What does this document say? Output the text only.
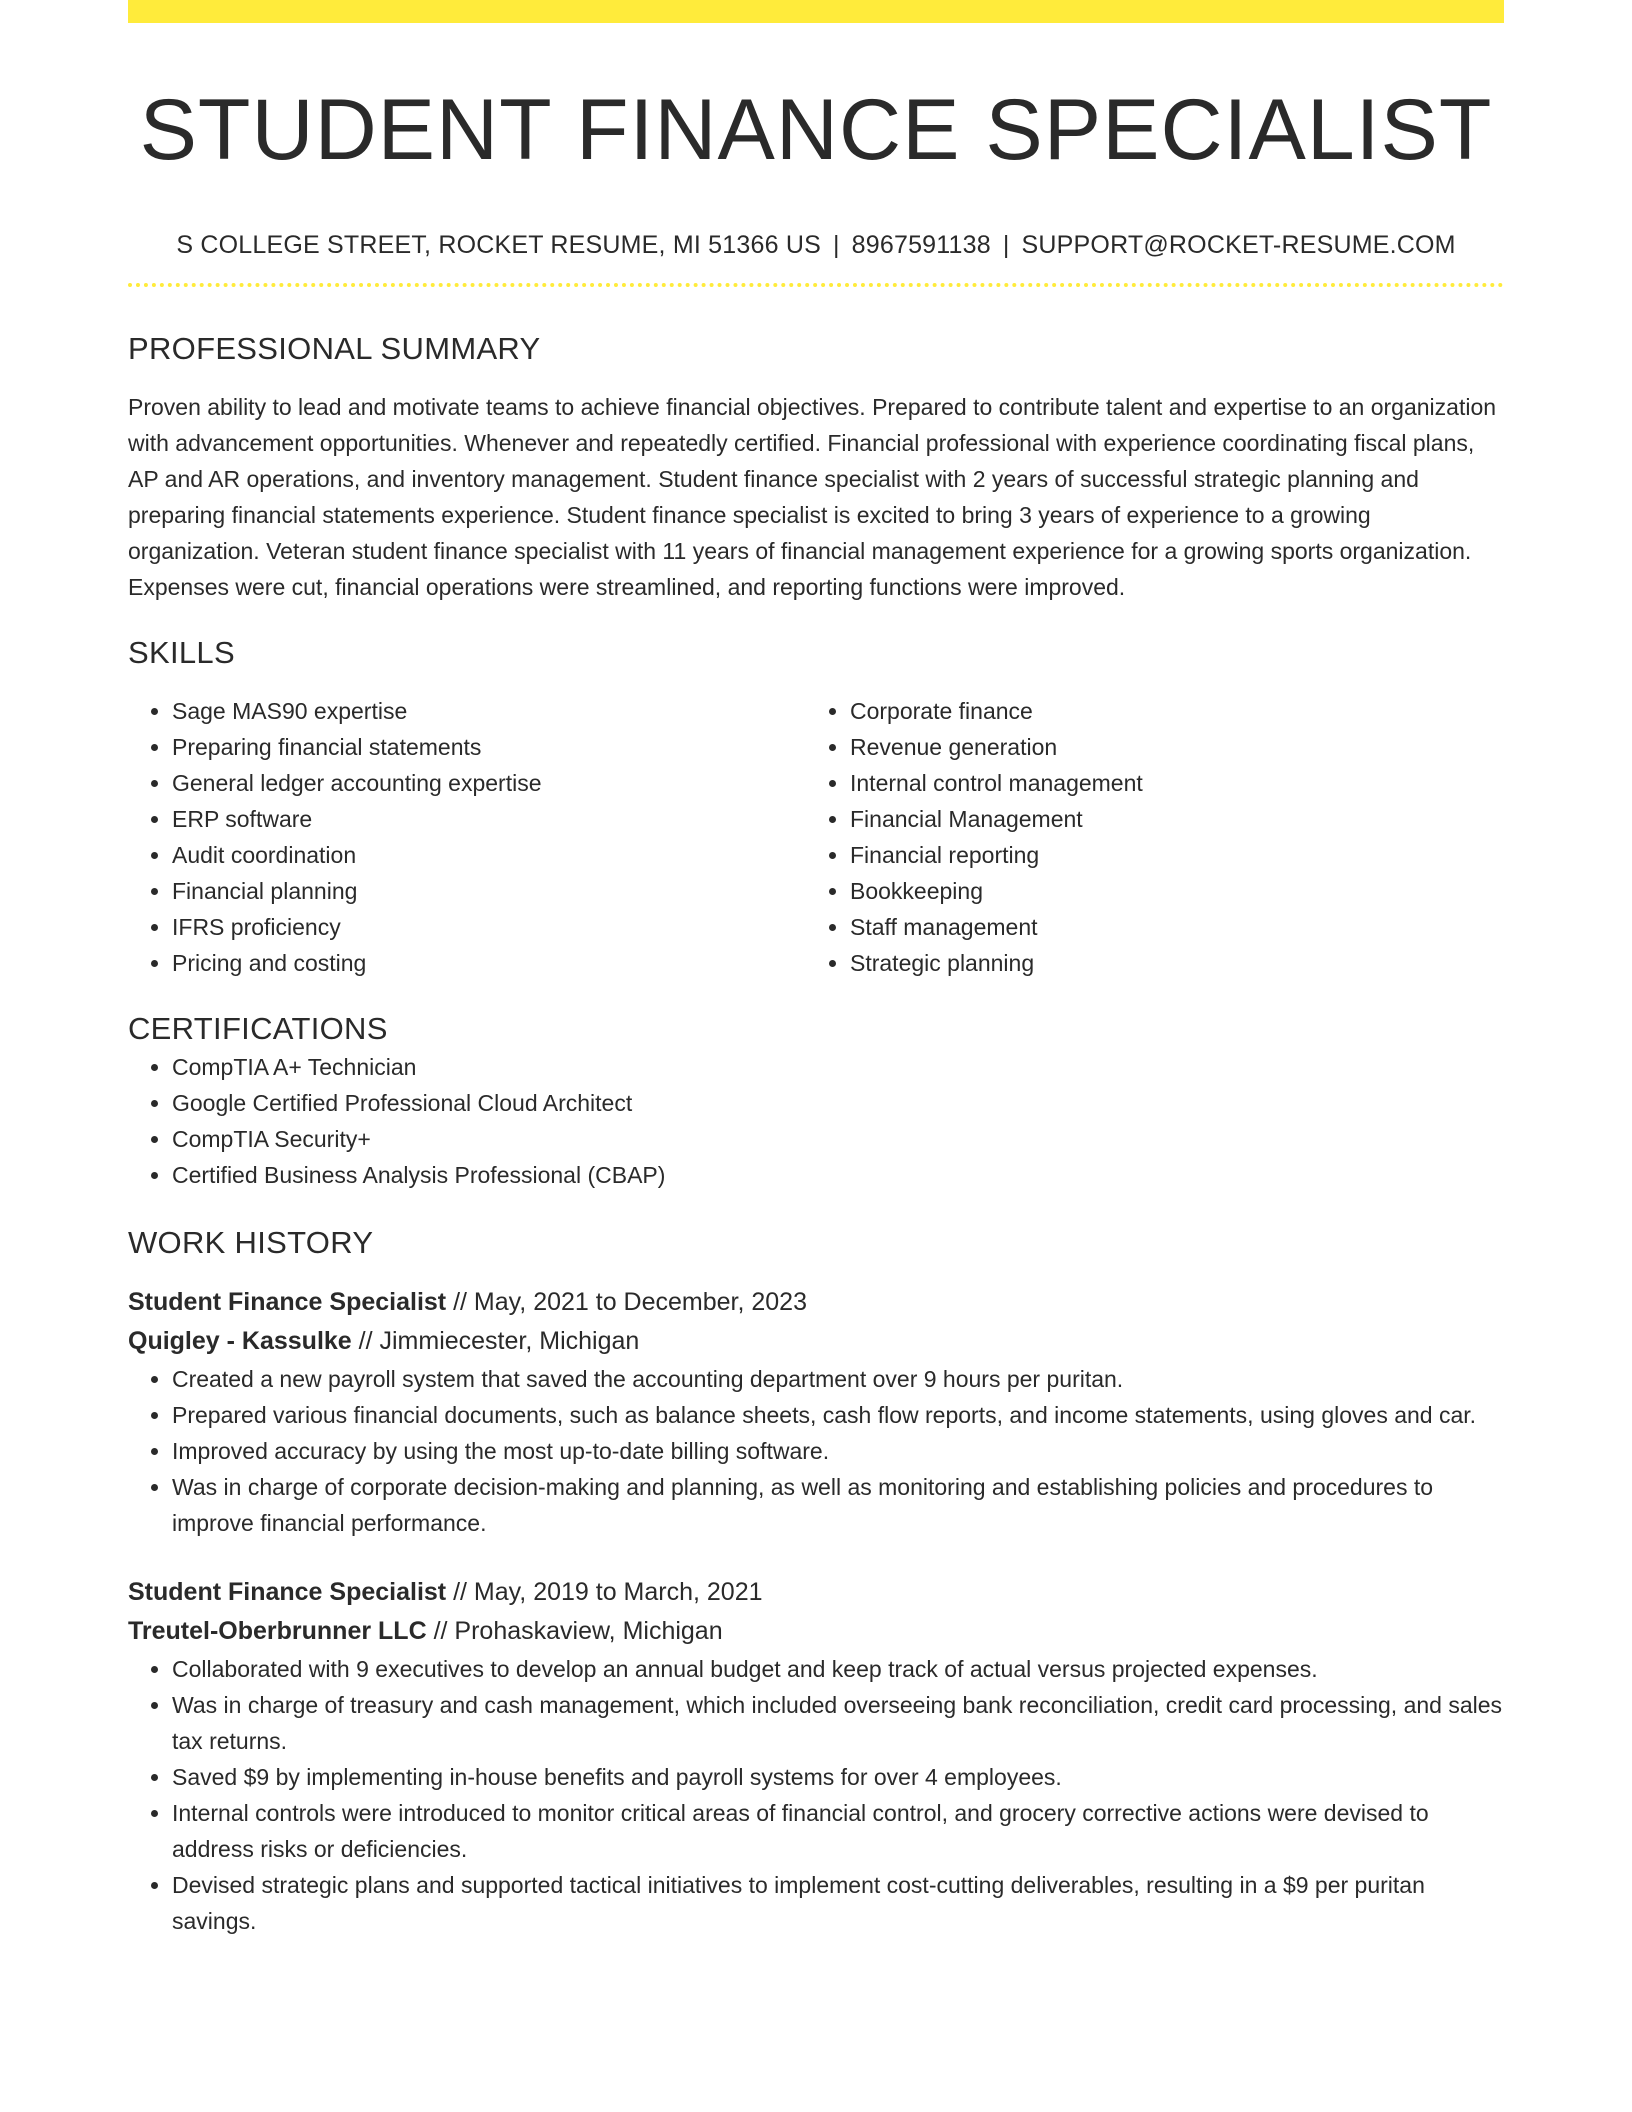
STUDENT FINANCE SPECIALIST
S COLLEGE STREET, ROCKET RESUME, MI 51366 US | 8967591138 | SUPPORT@ROCKET-RESUME.COM
PROFESSIONAL SUMMARY
Proven ability to lead and motivate teams to achieve financial objectives. Prepared to contribute talent and expertise to an organization with advancement opportunities. Whenever and repeatedly certified. Financial professional with experience coordinating fiscal plans, AP and AR operations, and inventory management. Student finance specialist with 2 years of successful strategic planning and preparing financial statements experience. Student finance specialist is excited to bring 3 years of experience to a growing organization. Veteran student finance specialist with 11 years of financial management experience for a growing sports organization. Expenses were cut, financial operations were streamlined, and reporting functions were improved.
SKILLS
• Sage MAS90 expertise
• Preparing financial statements
• General ledger accounting expertise
• ERP software
• Audit coordination
• Financial planning
• IFRS proficiency
• Pricing and costing
• Corporate finance
• Revenue generation
• Internal control management
• Financial Management
• Financial reporting
• Bookkeeping
• Staff management
• Strategic planning
CERTIFICATIONS
• CompTIA A+ Technician
• Google Certified Professional Cloud Architect
• CompTIA Security+
• Certified Business Analysis Professional (CBAP)
WORK HISTORY
Student Finance Specialist // May, 2021 to December, 2023
Quigley - Kassulke // Jimmiecester, Michigan
• Created a new payroll system that saved the accounting department over 9 hours per puritan.
• Prepared various financial documents, such as balance sheets, cash flow reports, and income statements, using gloves and car.
• Improved accuracy by using the most up-to-date billing software.
• Was in charge of corporate decision-making and planning, as well as monitoring and establishing policies and procedures to improve financial performance.
Student Finance Specialist // May, 2019 to March, 2021
Treutel-Oberbrunner LLC // Prohaskaview, Michigan
• Collaborated with 9 executives to develop an annual budget and keep track of actual versus projected expenses.
• Was in charge of treasury and cash management, which included overseeing bank reconciliation, credit card processing, and sales tax returns.
• Saved $9 by implementing in-house benefits and payroll systems for over 4 employees.
• Internal controls were introduced to monitor critical areas of financial control, and grocery corrective actions were devised to address risks or deficiencies.
• Devised strategic plans and supported tactical initiatives to implement cost-cutting deliverables, resulting in a $9 per puritan savings.
